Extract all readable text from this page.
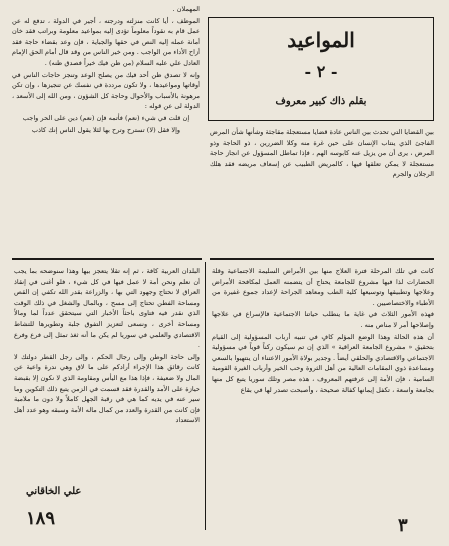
المواعيد
- ٢ -
بقلم ذاك كبير معروف

بين القضايا التي تحدث بين الناس عادة قضايا مستعجلة مقاجئة وشأنها شأن المرض الفاجئ الذي ينتاب الإنسان على حين غرة منه وكلا الضررين ، ذو الحاجة وذو المرض ، يرى أن من يزيل عنه كابوسه الهم ، فإذا تماطل المسؤول عن انجاز حاجة مستعجلة لا يمكن تعلقها فيها ، كالمريض الطبيب عن إسعاف مريضه فقد هلك الرجلان والجرم

المهملان .

الموظف ، أيا كانت منزلته ودرجته ، أجير في الدولة ، تدفع له عن عمل قام به نقوداً معلوماً تؤدى إليه بمواعيد معلومة وبراتب فقد خان أمانة عمله إليه النص في حقها والجباية ، فإن وعد بقضاء حاجة فقد أزاح الأداء من الواجب . ومن خير الناس من وقد قال أمام الحق الإمام العادل علي عليه السلام (من ظن فيك خيراً فصدق ظنه) .

وإنه لا تصدق ظن أحد فيك من يصلح الوعد وتنجز حاجات الناس في أوقاتها ومواعيدها ، ولا تكون مرددة في نفسك عن تنجيزها ، وإن تكن مرهونة بالأسباب والأحوال وحاجة كل الشؤون ، ومن الله إلى الأسعد ، الدولة لى عن قوله :

إن قلت في شيء (نعم) فأتمه فإن (نعم) دين على الحر واجب

وإلا فقل (لا) تسترح وترح بها لئلا يقول الناس إنك كاذب

كانت في تلك المرحلة فترة العلاج منها بين الأمراض السليمة الاجتماعية وقلة الحضارات لذا فيها مشروع للجامعة يحتاج أن يتضمنه العمل لمكافحة الأمراض وعلاجها وتطبيقها وتوسيعها كلية الطب ومعاهد الجراحة لإعداد جموع غفيرة من الأطباء والاختصاصيين .

فهذه الأمور الثلاث في غاية ما ينطلب حياتنا الاجتماعية فالإسراع في علاجها وإصلاحها أمر لا مناص منه .

أن هذه الحالة وهذا الوضع المؤلم كافٍ في تنبيه أرباب المسؤولية إلى القيام بتحقيق « مشروع الجامعة العراقية » الذي إن تم سيكون ركناً قوياً في مسؤولية الاجتماعي والاقتصادي والحلقي أيضاً . وجدير بولاة الأمور الاعتناء أن ينتهيوا بالسعي ومساعدة ذوي المقامات العالية من أهل الثروة وحب الخير وأرباب الغيرة القومية السامية ، فإن الأمة إلى عرفتهم المعروف ، هذه مصر وتلك سوريا يتبع كل منها بجامعة واسعة ، تكفل إيمانها كفالة صحيحة ، وأصبحت تصدر لها في بقاع

البلدان العربية كافة ، ثم إنه تقلا يتعجز بيها وهذا سنوضحه بما يجب أن نعلم ونحن أمة لا عمل فيها في كل شيء ، فلو أغنى في إنقاذ العراق لا نحتاج وجهود التي بها ، والزراعة بقدر الله تكفي إن القص ومساحة الفطن تحتاج إلى مسح ، وبالمال والشغل في ذلك الوقت الذي نقدر فيه فتاوى باحثاً الأخبار التي سيتحقق عدداً لما ومالاً ومساحة أخرى ، ونسعى لتعزيز التفوق جلبة وتطويرها للتشاط الاقتصادي والعلمي في سوريا لم يكن ما أنه ثغذ تمثل إلى فرع وفرع .

وإلى حاجة الوطن وإلى رجال الحكم ، وإلى رجل القطر دولتك لا كانت رقائق هذا الإجراء أرادكم على ما لاق وهي ندرة واعية عن المال ولا ضعيفة ، فإذا هذا مع اليأس ومقاومة الذي لا نكون إلا بقبضة حيازة على الأمد والقدرة فقد قسمت في الزمن يتبع ذلك التكوين وما سير عنه في يديه كما هي في رقبة الجهل كاملاً ولا دون ما ملامية فإن كانت من القدرة والعدد من كمال ماله الأمة وسبقه وهو عدد أهل الاستعداد

علي الخاقاني
١٨٩	٣
